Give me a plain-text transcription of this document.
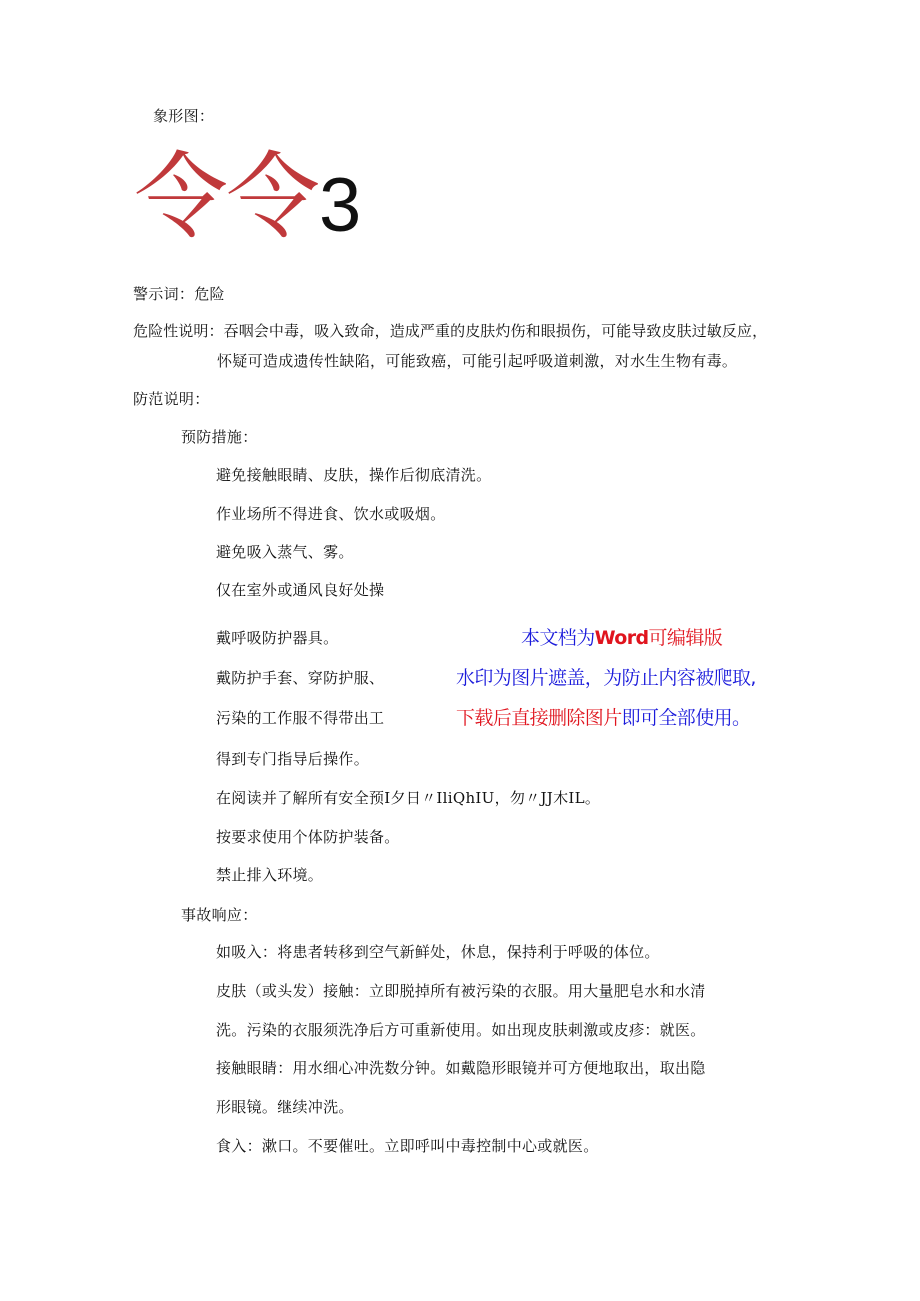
象形图：
令
令
3
警示词：危险
危险性说明：吞咽会中毒，吸入致命，造成严重的皮肤灼伤和眼损伤，可能导致皮肤过敏反应，
怀疑可造成遗传性缺陷，可能致癌，可能引起呼吸道刺激，对水生生物有毒。
防范说明：
预防措施：
避免接触眼睛、皮肤，操作后彻底清洗。
作业场所不得进食、饮水或吸烟。
避免吸入蒸气、雾。
仅在室外或通风良好处操
戴呼吸防护器具。
戴防护手套、穿防护服、
污染的工作服不得带出工
得到专门指导后操作。
在阅读并了解所有安全预I夕日〃IliQhIU，勿〃JJ木IL。
按要求使用个体防护装备。
禁止排入环境。
事故响应：
如吸入：将患者转移到空气新鲜处，休息，保持利于呼吸的体位。
皮肤（或头发）接触：立即脱掉所有被污染的衣服。用大量肥皂水和水清
洗。污染的衣服须洗净后方可重新使用。如出现皮肤刺激或皮疹：就医。
接触眼睛：用水细心冲洗数分钟。如戴隐形眼镜并可方便地取出，取出隐
形眼镜。继续冲洗。
食入：漱口。不要催吐。立即呼叫中毒控制中心或就医。
本文档为Word可编辑版
水印为图片遮盖，为防止内容被爬取,
下载后直接删除图片即可全部使用。
